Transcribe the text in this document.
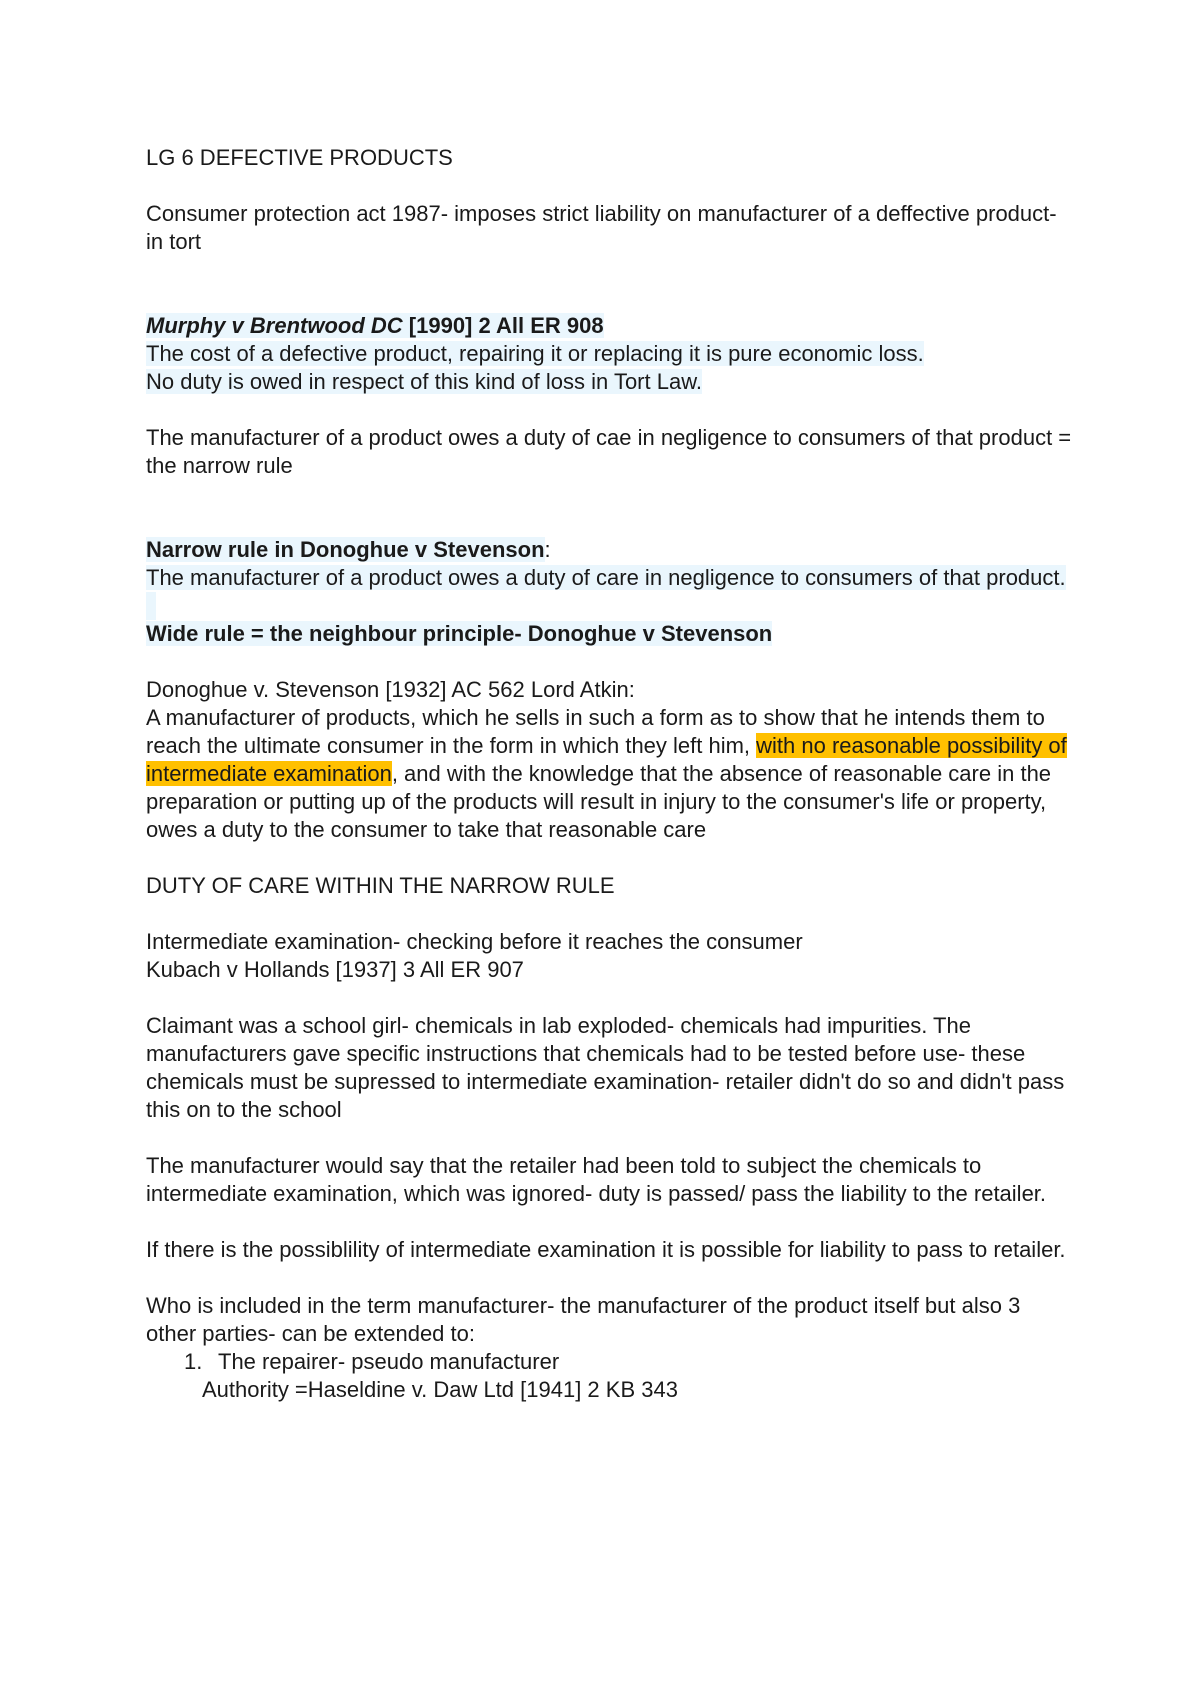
LG 6 DEFECTIVE PRODUCTS

Consumer protection act 1987- imposes strict liability on manufacturer of a deffective product- in tort

Murphy v Brentwood DC [1990] 2 All ER 908

The cost of a defective product, repairing it or replacing it is pure economic loss.

No duty is owed in respect of this kind of loss in Tort Law.

The manufacturer of a product owes a duty of cae in negligence to consumers of that product = the narrow rule

Narrow rule in Donoghue v Stevenson:

The manufacturer of a product owes a duty of care in negligence to consumers of that product.

Wide rule = the neighbour principle- Donoghue v Stevenson

Donoghue v. Stevenson [1932] AC 562 Lord Atkin:

A manufacturer of products, which he sells in such a form as to show that he intends them to reach the ultimate consumer in the form in which they left him, with no reasonable possibility of intermediate examination, and with the knowledge that the absence of reasonable care in the preparation or putting up of the products will result in injury to the consumer's life or property, owes a duty to the consumer to take that reasonable care

DUTY OF CARE WITHIN THE NARROW RULE

Intermediate examination- checking before it reaches the consumer

Kubach v Hollands [1937] 3 All ER 907

Claimant was a school girl- chemicals in lab exploded- chemicals had impurities. The manufacturers gave specific instructions that chemicals had to be tested before use- these chemicals must be supressed to intermediate examination- retailer didn't do so and didn't pass this on to the school

The manufacturer would say that the retailer had been told to subject the chemicals to intermediate examination, which was ignored- duty is passed/ pass the liability to the retailer.

If there is the possiblility of intermediate examination it is possible for liability to pass to retailer.

Who is included in the term manufacturer- the manufacturer of the product itself but also 3 other parties- can be extended to:

1. The repairer- pseudo manufacturer
Authority =Haseldine v. Daw Ltd [1941] 2 KB 343
